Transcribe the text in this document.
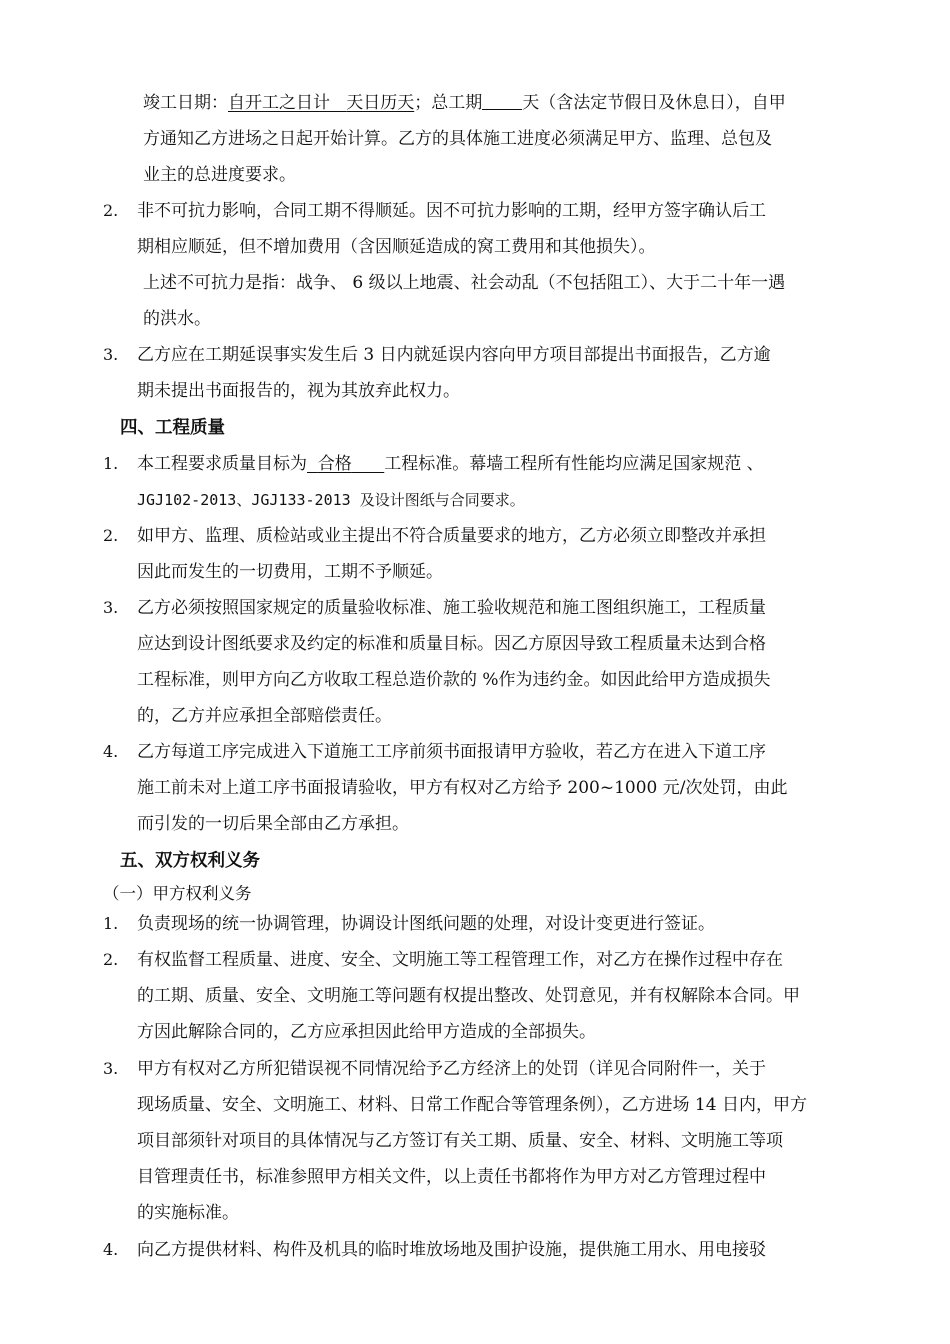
竣工日期：自开工之日计 天日历天；总工期 天（含法定节假日及休息日），自甲
方通知乙方进场之日起开始计算。乙方的具体施工进度必须满足甲方、监理、总包及
业主的总进度要求。
2. 非不可抗力影响，合同工期不得顺延。因不可抗力影响的工期，经甲方签字确认后工
期相应顺延，但不增加费用（含因顺延造成的窝工费用和其他损失）。
上述不可抗力是指：战争、 6 级以上地震、社会动乱（不包括阻工）、大于二十年一遇
的洪水。
3. 乙方应在工期延误事实发生后 3 日内就延误内容向甲方项目部提出书面报告，乙方逾
期未提出书面报告的，视为其放弃此权力。
四、工程质量
1. 本工程要求质量目标为 合格 工程标准。幕墙工程所有性能均应满足国家规范 、
JGJ102-2013、JGJ133-2013 及设计图纸与合同要求。
2. 如甲方、监理、质检站或业主提出不符合质量要求的地方，乙方必须立即整改并承担
因此而发生的一切费用，工期不予顺延。
3. 乙方必须按照国家规定的质量验收标准、施工验收规范和施工图组织施工，工程质量
应达到设计图纸要求及约定的标准和质量目标。因乙方原因导致工程质量未达到合格
工程标准，则甲方向乙方收取工程总造价款的 %作为违约金。如因此给甲方造成损失
的，乙方并应承担全部赔偿责任。
4. 乙方每道工序完成进入下道施工工序前须书面报请甲方验收，若乙方在进入下道工序
施工前未对上道工序书面报请验收，甲方有权对乙方给予 200~1000 元/次处罚，由此
而引发的一切后果全部由乙方承担。
五、双方权利义务
（一）甲方权利义务
1. 负责现场的统一协调管理，协调设计图纸问题的处理，对设计变更进行签证。
2. 有权监督工程质量、进度、安全、文明施工等工程管理工作，对乙方在操作过程中存在
的工期、质量、安全、文明施工等问题有权提出整改、处罚意见，并有权解除本合同。甲
方因此解除合同的，乙方应承担因此给甲方造成的全部损失。
3. 甲方有权对乙方所犯错误视不同情况给予乙方经济上的处罚（详见合同附件一，关于
现场质量、安全、文明施工、材料、日常工作配合等管理条例），乙方进场 14 日内，甲方
项目部须针对项目的具体情况与乙方签订有关工期、质量、安全、材料、文明施工等项
目管理责任书，标准参照甲方相关文件，以上责任书都将作为甲方对乙方管理过程中
的实施标准。
4. 向乙方提供材料、构件及机具的临时堆放场地及围护设施，提供施工用水、用电接驳
